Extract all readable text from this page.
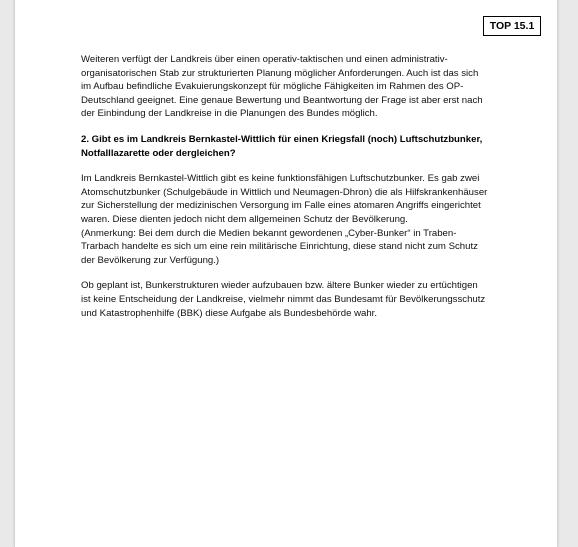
TOP 15.1

Weiteren verfügt der Landkreis über einen operativ-taktischen und einen administrativ-
organisatorischen Stab zur strukturierten Planung möglicher Anforderungen. Auch ist das sich
im Aufbau befindliche Evakuierungskonzept für mögliche Fähigkeiten im Rahmen des OP-
Deutschland geeignet. Eine genaue Bewertung und Beantwortung der Frage ist aber erst nach
der Einbindung der Landkreise in die Planungen des Bundes möglich.

2. Gibt es im Landkreis Bernkastel-Wittlich für einen Kriegsfall (noch) Luftschutzbunker,
Notfalllazarette oder dergleichen?

Im Landkreis Bernkastel-Wittlich gibt es keine funktionsfähigen Luftschutzbunker. Es gab zwei
Atomschutzbunker (Schulgebäude in Wittlich und Neumagen-Dhron) die als Hilfskrankenhäuser
zur Sicherstellung der medizinischen Versorgung im Falle eines atomaren Angriffs eingerichtet
waren. Diese dienten jedoch nicht dem allgemeinen Schutz der Bevölkerung.
(Anmerkung: Bei dem durch die Medien bekannt gewordenen „Cyber-Bunker“ in Traben-
Trarbach handelte es sich um eine rein militärische Einrichtung, diese stand nicht zum Schutz
der Bevölkerung zur Verfügung.)

Ob geplant ist, Bunkerstrukturen wieder aufzubauen bzw. ältere Bunker wieder zu ertüchtigen
ist keine Entscheidung der Landkreise, vielmehr nimmt das Bundesamt für Bevölkerungsschutz
und Katastrophenhilfe (BBK) diese Aufgabe als Bundesbehörde wahr.
